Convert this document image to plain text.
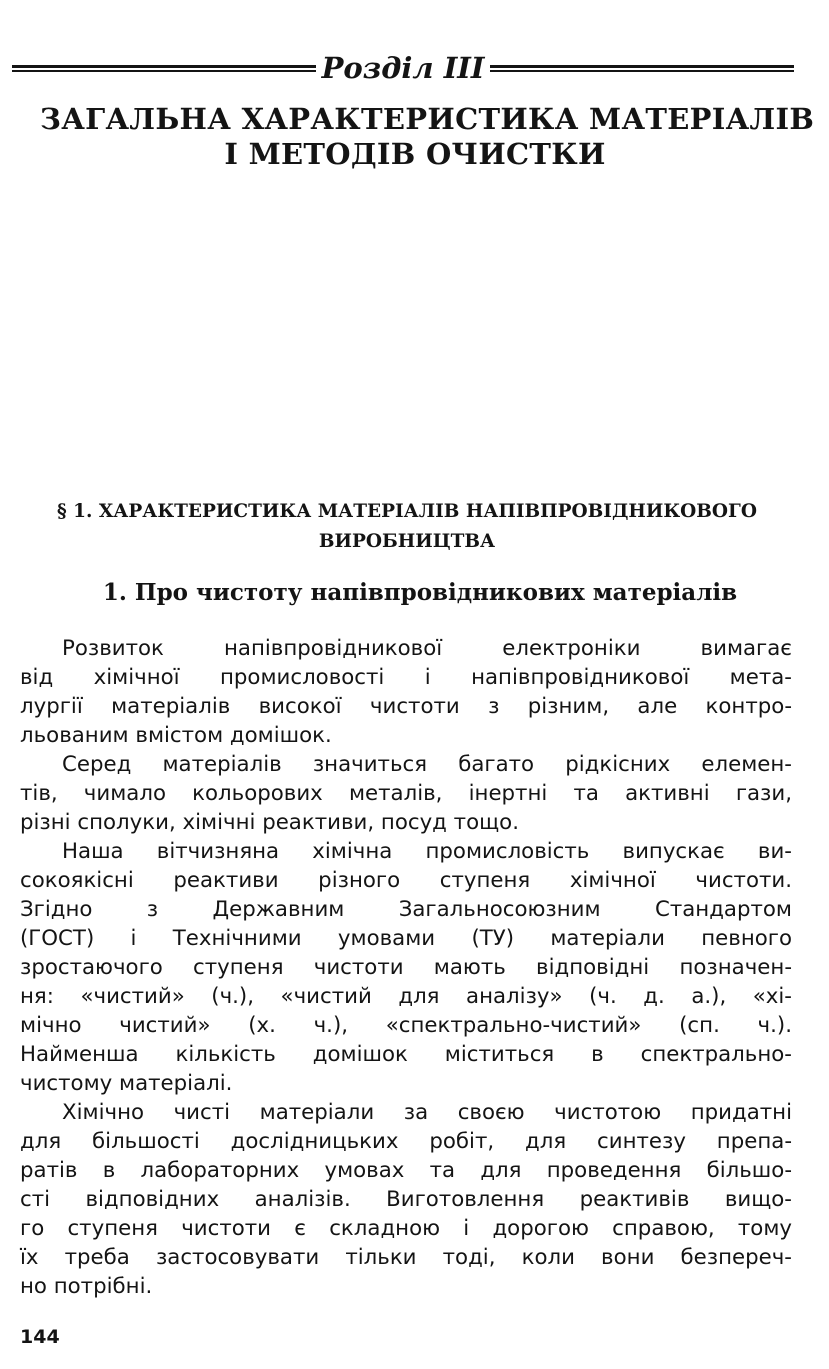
Розділ III
ЗАГАЛЬНА ХАРАКТЕРИСТИКА МАТЕРІАЛІВ
І МЕТОДІВ ОЧИСТКИ
§ 1. ХАРАКТЕРИСТИКА МАТЕРІАЛІВ НАПІВПРОВІДНИКОВОГО
ВИРОБНИЦТВА
1. Про чистоту напівпровідникових матеріалів
Розвиток напівпровідникової електроніки вимагає
від хімічної промисловості і напівпровідникової мета-
лургії матеріалів високої чистоти з різним, але контро-
льованим вмістом домішок.
Серед матеріалів значиться багато рідкісних елемен-
тів, чимало кольорових металів, інертні та активні гази,
різні сполуки, хімічні реактиви, посуд тощо.
Наша вітчизняна хімічна промисловість випускає ви-
сокоякісні реактиви різного ступеня хімічної чистоти.
Згідно з Державним Загальносоюзним Стандартом
(ГОСТ) і Технічними умовами (ТУ) матеріали певного
зростаючого ступеня чистоти мають відповідні позначен-
ня: «чистий» (ч.), «чистий для аналізу» (ч. д. а.), «хі-
мічно чистий» (х. ч.), «спектрально-чистий» (сп. ч.).
Найменша кількість домішок міститься в спектрально-
чистому матеріалі.
Хімічно чисті матеріали за своєю чистотою придатні
для більшості дослідницьких робіт, для синтезу препа-
ратів в лабораторних умовах та для проведення більшо-
сті відповідних аналізів. Виготовлення реактивів вищо-
го ступеня чистоти є складною і дорогою справою, тому
їх треба застосовувати тільки тоді, коли вони безпереч-
но потрібні.
144
